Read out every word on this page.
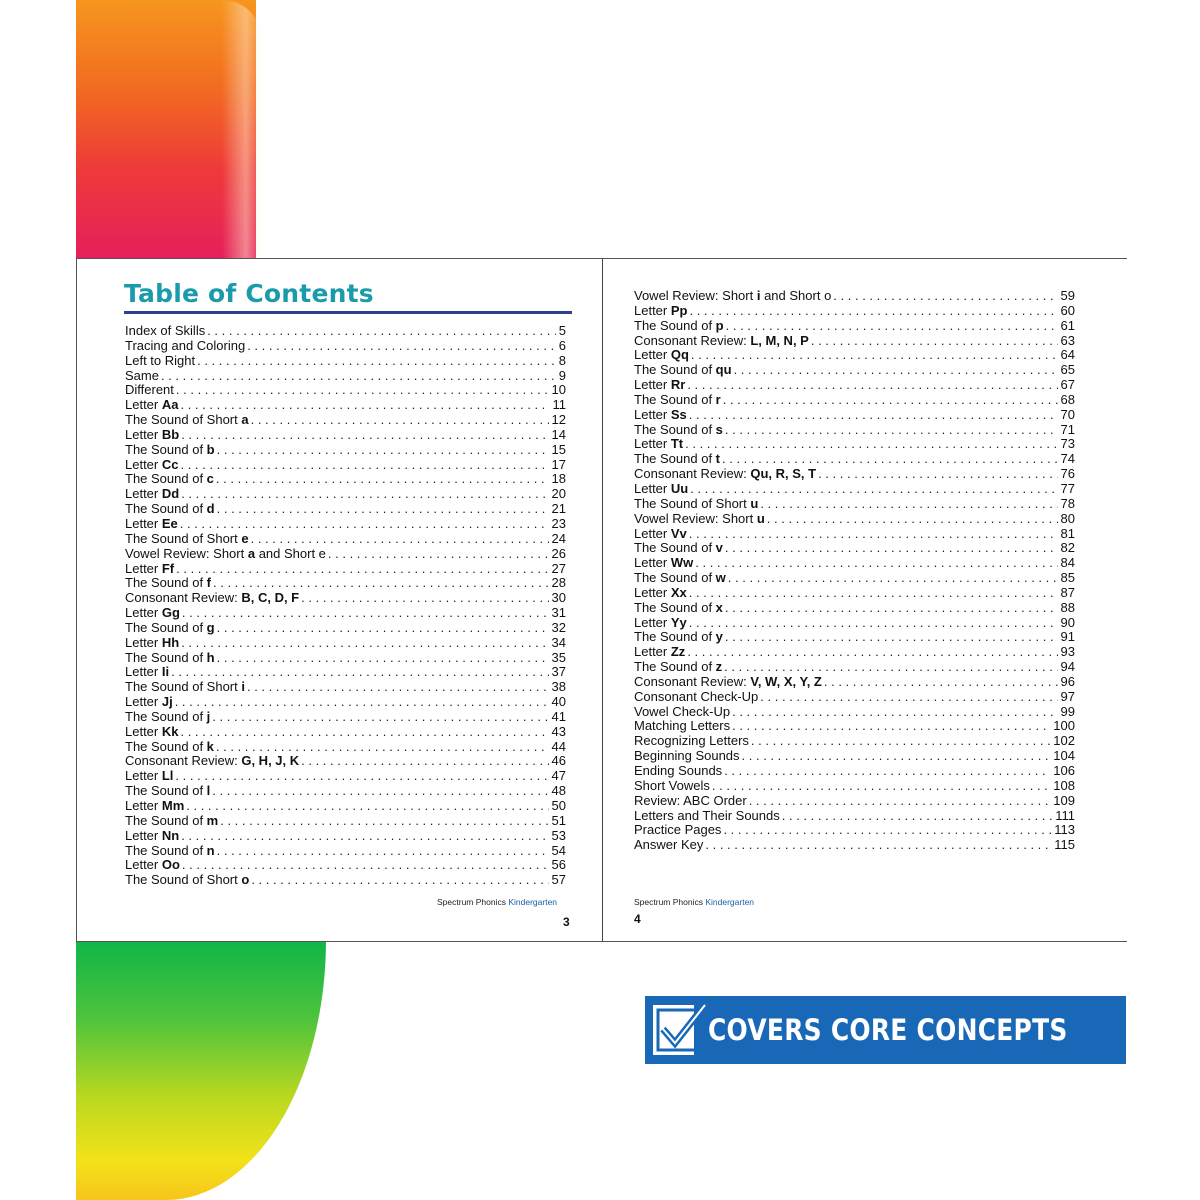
Table of Contents
Index of Skills . . .	5
Tracing and Coloring . . .	6
Left to Right . . .	8
Same . . .	9
Different . . .	10
Letter Aa . . .	11
The Sound of Short a . . .	12
Letter Bb . . .	14
The Sound of b . . .	15
Letter Cc . . .	17
The Sound of c . . .	18
Letter Dd . . .	20
The Sound of d . . .	21
Letter Ee . . .	23
The Sound of Short e . . .	24
Vowel Review: Short a and Short e . . .	26
Letter Ff . . .	27
The Sound of f . . .	28
Consonant Review: B, C, D, F . . .	30
Letter Gg . . .	31
The Sound of g . . .	32
Letter Hh . . .	34
The Sound of h . . .	35
Letter Ii . . .	37
The Sound of Short i . . .	38
Letter Jj . . .	40
The Sound of j . . .	41
Letter Kk . . .	43
The Sound of k . . .	44
Consonant Review: G, H, J, K . . .	46
Letter Ll . . .	47
The Sound of l . . .	48
Letter Mm . . .	50
The Sound of m . . .	51
Letter Nn . . .	53
The Sound of n . . .	54
Letter Oo . . .	56
The Sound of Short o . . .	57
Spectrum Phonics Kindergarten
3
Vowel Review: Short i and Short o . . .	59
Letter Pp . . .	60
The Sound of p . . .	61
Consonant Review: L, M, N, P . . .	63
Letter Qq . . .	64
The Sound of qu . . .	65
Letter Rr . . .	67
The Sound of r . . .	68
Letter Ss . . .	70
The Sound of s . . .	71
Letter Tt . . .	73
The Sound of t . . .	74
Consonant Review: Qu, R, S, T . . .	76
Letter Uu . . .	77
The Sound of Short u . . .	78
Vowel Review: Short u . . .	80
Letter Vv . . .	81
The Sound of v . . .	82
Letter Ww . . .	84
The Sound of w . . .	85
Letter Xx . . .	87
The Sound of x . . .	88
Letter Yy . . .	90
The Sound of y . . .	91
Letter Zz . . .	93
The Sound of z . . .	94
Consonant Review: V, W, X, Y, Z . . .	96
Consonant Check-Up . . .	97
Vowel Check-Up . . .	99
Matching Letters . . .	100
Recognizing Letters . . .	102
Beginning Sounds . . .	104
Ending Sounds . . .	106
Short Vowels . . .	108
Review: ABC Order . . .	109
Letters and Their Sounds . . .	111
Practice Pages . . .	113
Answer Key . . .	115
Spectrum Phonics Kindergarten
4
COVERS CORE CONCEPTS
